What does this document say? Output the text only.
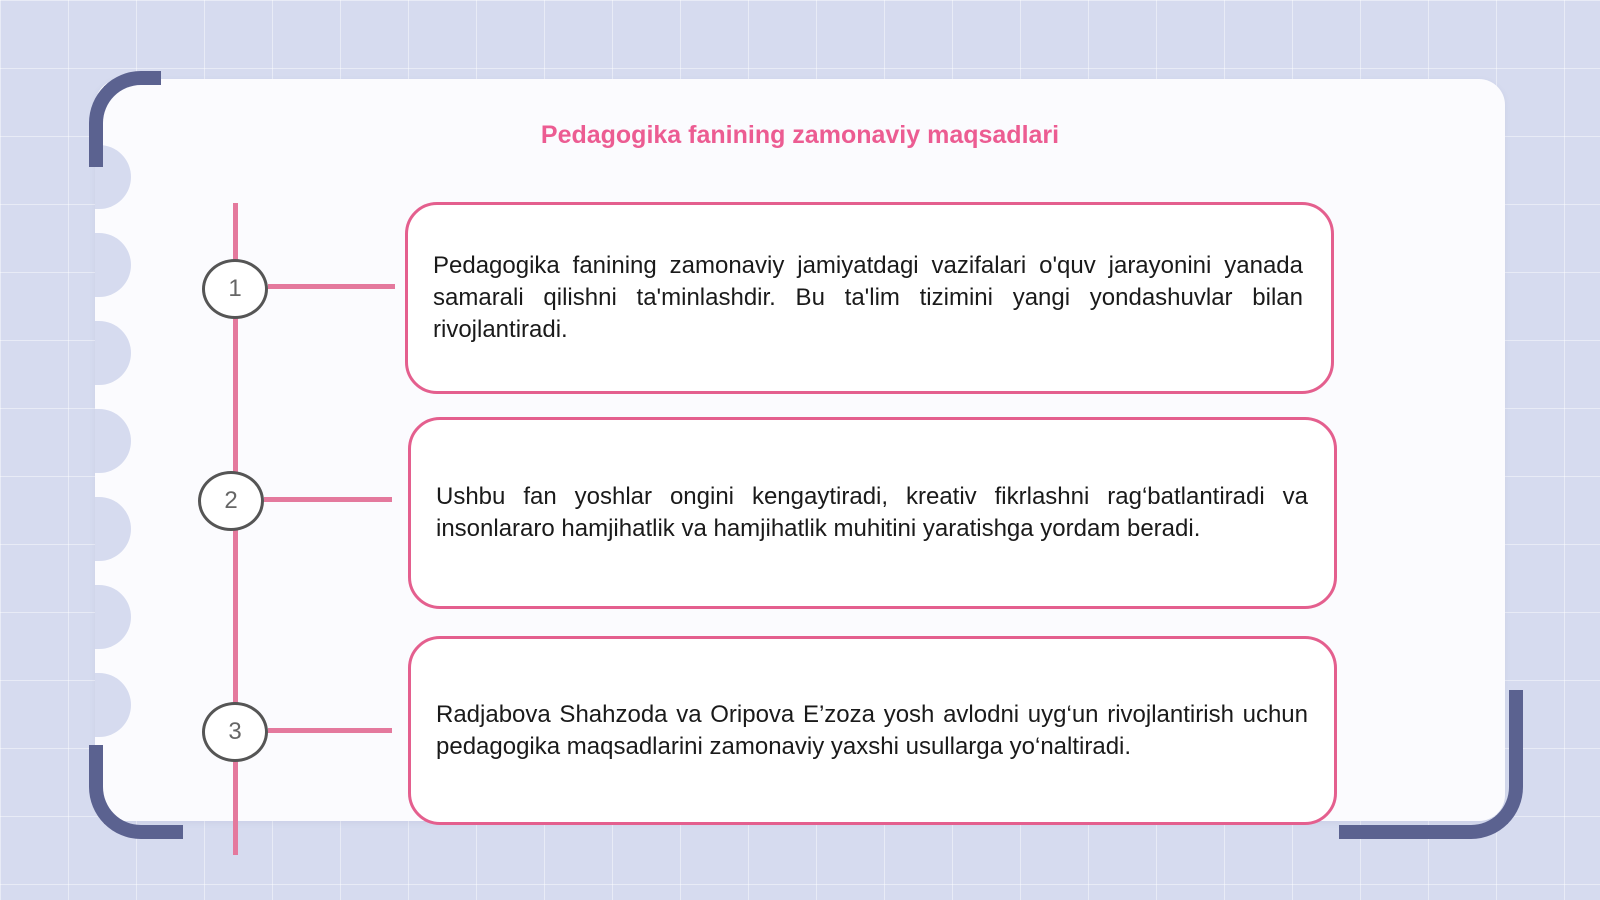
Pedagogika fanining zamonaviy maqsadlari
1
2
3
Pedagogika fanining zamonaviy jamiyatdagi vazifalari o'quv jarayonini yanada samarali qilishni ta'minlashdir. Bu ta'lim tizimini yangi yondashuvlar bilan rivojlantiradi.
Ushbu fan yoshlar ongini kengaytiradi, kreativ fikrlashni rag‘batlantiradi va insonlararo hamjihatlik va hamjihatlik muhitini yaratishga yordam beradi.
Radjabova Shahzoda va Oripova E’zoza yosh avlodni uyg‘un rivojlantirish uchun pedagogika maqsadlarini zamonaviy yaxshi usullarga yo‘naltiradi.
